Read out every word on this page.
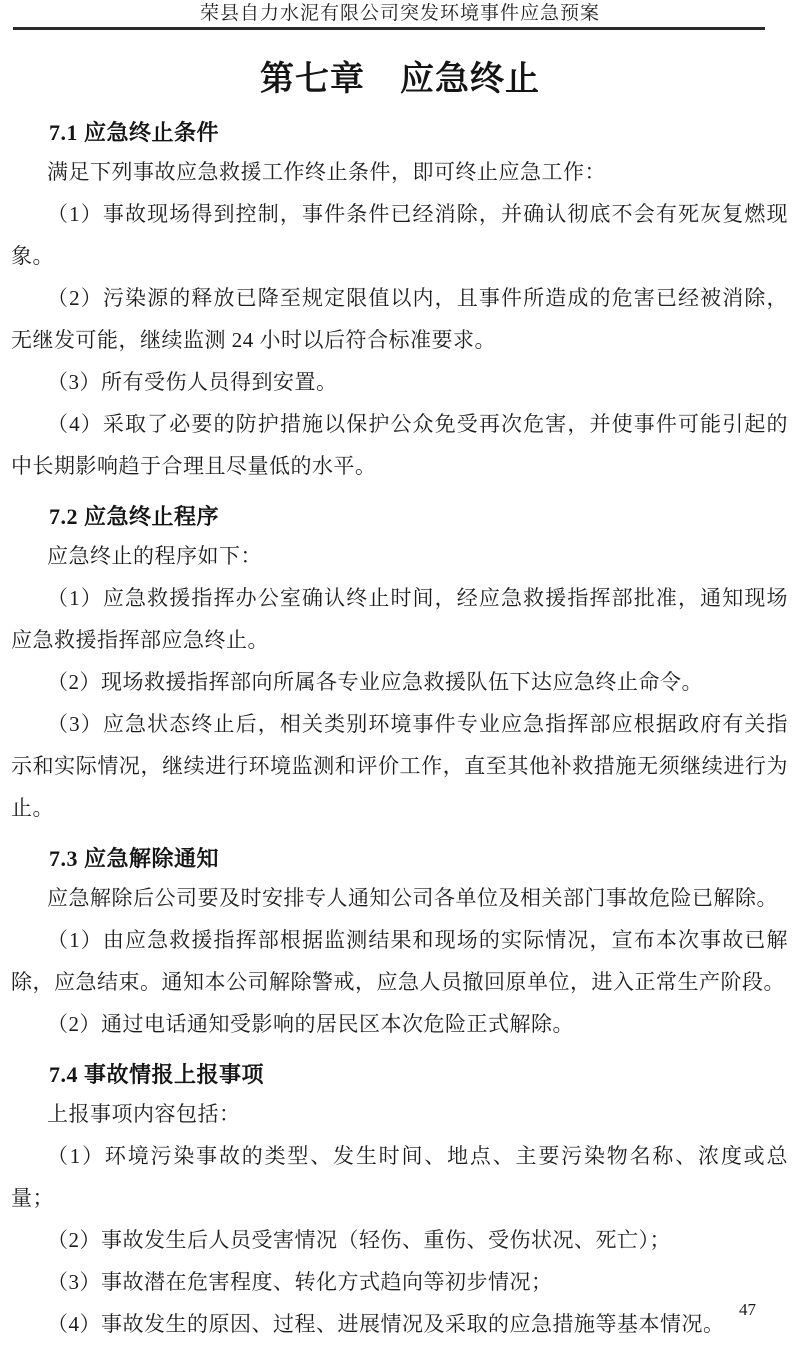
荣县自力水泥有限公司突发环境事件应急预案
第七章　应急终止
7.1 应急终止条件

满足下列事故应急救援工作终止条件，即可终止应急工作：

（1）事故现场得到控制，事件条件已经消除，并确认彻底不会有死灰复燃现象。

（2）污染源的释放已降至规定限值以内，且事件所造成的危害已经被消除，无继发可能，继续监测 24 小时以后符合标准要求。

（3）所有受伤人员得到安置。

（4）采取了必要的防护措施以保护公众免受再次危害，并使事件可能引起的中长期影响趋于合理且尽量低的水平。

7.2 应急终止程序

应急终止的程序如下：

（1）应急救援指挥办公室确认终止时间，经应急救援指挥部批准，通知现场应急救援指挥部应急终止。

（2）现场救援指挥部向所属各专业应急救援队伍下达应急终止命令。

（3）应急状态终止后，相关类别环境事件专业应急指挥部应根据政府有关指示和实际情况，继续进行环境监测和评价工作，直至其他补救措施无须继续进行为止。

7.3 应急解除通知

应急解除后公司要及时安排专人通知公司各单位及相关部门事故危险已解除。

（1）由应急救援指挥部根据监测结果和现场的实际情况，宣布本次事故已解除，应急结束。通知本公司解除警戒，应急人员撤回原单位，进入正常生产阶段。

（2）通过电话通知受影响的居民区本次危险正式解除。

7.4 事故情报上报事项

上报事项内容包括：

（1）环境污染事故的类型、发生时间、地点、主要污染物名称、浓度或总量；

（2）事故发生后人员受害情况（轻伤、重伤、受伤状况、死亡）；

（3）事故潜在危害程度、转化方式趋向等初步情况；

（4）事故发生的原因、过程、进展情况及采取的应急措施等基本情况。

47
